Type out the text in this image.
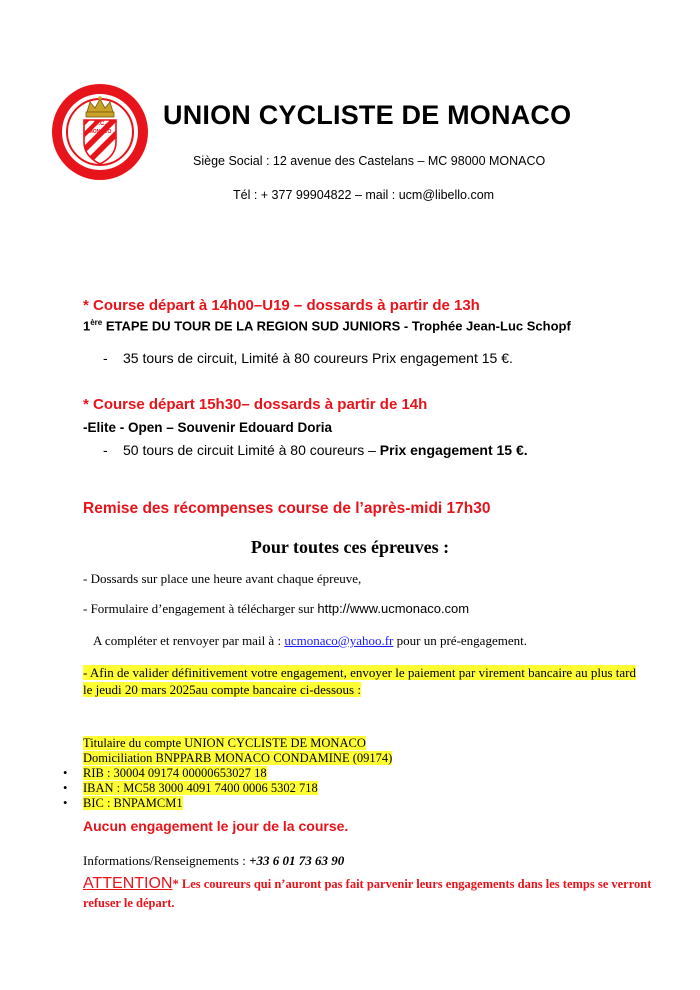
U.C.
MONACO
UNION CYCLISTE DE MONACO
Siège Social : 12 avenue des Castelans – MC 98000 MONACO
Tél : + 377 99904822 – mail : ucm@libello.com
* Course départ à 14h00–U19 – dossards à partir de 13h
1ère ETAPE DU TOUR DE LA REGION SUD JUNIORS - Trophée Jean-Luc Schopf
- 35 tours de circuit, Limité à 80 coureurs Prix engagement 15 €.
* Course départ 15h30– dossards à partir de 14h
-Elite - Open – Souvenir Edouard Doria
- 50 tours de circuit Limité à 80 coureurs – Prix engagement 15 €.
Remise des récompenses course de l’après-midi 17h30
Pour toutes ces épreuves :
- Dossards sur place une heure avant chaque épreuve,
- Formulaire d’engagement à télécharger sur http://www.ucmonaco.com
A compléter et renvoyer par mail à : ucmonaco@yahoo.fr pour un pré-engagement.
- Afin de valider définitivement votre engagement, envoyer le paiement par virement bancaire au plus tard le jeudi 20 mars 2025au compte bancaire ci-dessous :
Titulaire du compte UNION CYCLISTE DE MONACO
Domiciliation BNPPARB MONACO CONDAMINE (09174)
• RIB : 30004 09174 00000653027 18
• IBAN : MC58 3000 4091 7400 0006 5302 718
• BIC : BNPAMCM1
Aucun engagement le jour de la course.
Informations/Renseignements : +33 6 01 73 63 90
ATTENTION* Les coureurs qui n’auront pas fait parvenir leurs engagements dans les temps se verront refuser le départ.
